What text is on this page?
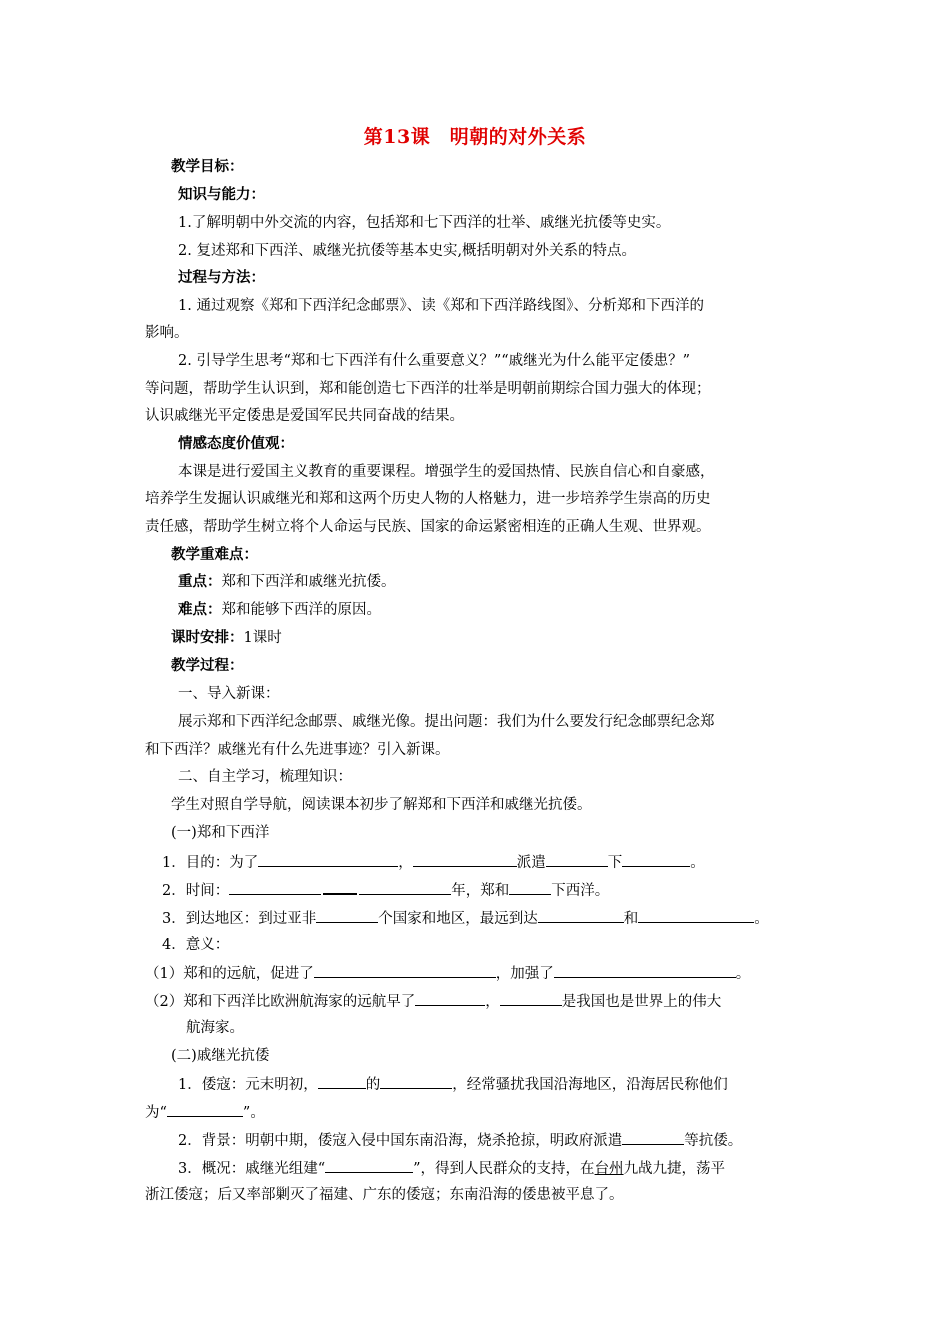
第13课　明朝的对外关系
教学目标：
知识与能力：
1.了解明朝中外交流的内容，包括郑和七下西洋的壮举、戚继光抗倭等史实。
2. 复述郑和下西洋、戚继光抗倭等基本史实,概括明朝对外关系的特点。
过程与方法：
1. 通过观察《郑和下西洋纪念邮票》、读《郑和下西洋路线图》、分析郑和下西洋的
影响。
2. 引导学生思考“郑和七下西洋有什么重要意义？”“戚继光为什么能平定倭患？”
等问题，帮助学生认识到，郑和能创造七下西洋的壮举是明朝前期综合国力强大的体现；
认识戚继光平定倭患是爱国军民共同奋战的结果。
情感态度价值观：
本课是进行爱国主义教育的重要课程。增强学生的爱国热情、民族自信心和自豪感，
培养学生发掘认识戚继光和郑和这两个历史人物的人格魅力，进一步培养学生崇高的历史
责任感，帮助学生树立将个人命运与民族、国家的命运紧密相连的正确人生观、世界观。
教学重难点：
重点：郑和下西洋和戚继光抗倭。
难点：郑和能够下西洋的原因。
课时安排：1课时
教学过程：
一、导入新课：
展示郑和下西洋纪念邮票、戚继光像。提出问题：我们为什么要发行纪念邮票纪念郑
和下西洋？戚继光有什么先进事迹？引入新课。
二、自主学习，梳理知识：
学生对照自学导航，阅读课本初步了解郑和下西洋和戚继光抗倭。
(一)郑和下西洋
1．目的：为了	，	派遣	下	。
2．时间：	年，郑和	下西洋。
3．到达地区：到过亚非	个国家和地区，最远到达	和	。
4．意义：
（1）郑和的远航，促进了	，加强了	。
（2）郑和下西洋比欧洲航海家的远航早了	，	是我国也是世界上的伟大
航海家。
(二)戚继光抗倭
1．倭寇：元末明初，	的	，经常骚扰我国沿海地区，沿海居民称他们
为“	”。
2．背景：明朝中期，倭寇入侵中国东南沿海，烧杀抢掠，明政府派遣	等抗倭。
3．概况：戚继光组建“	”，得到人民群众的支持，在台州九战九捷，荡平
浙江倭寇；后又率部剿灭了福建、广东的倭寇；东南沿海的倭患被平息了。
